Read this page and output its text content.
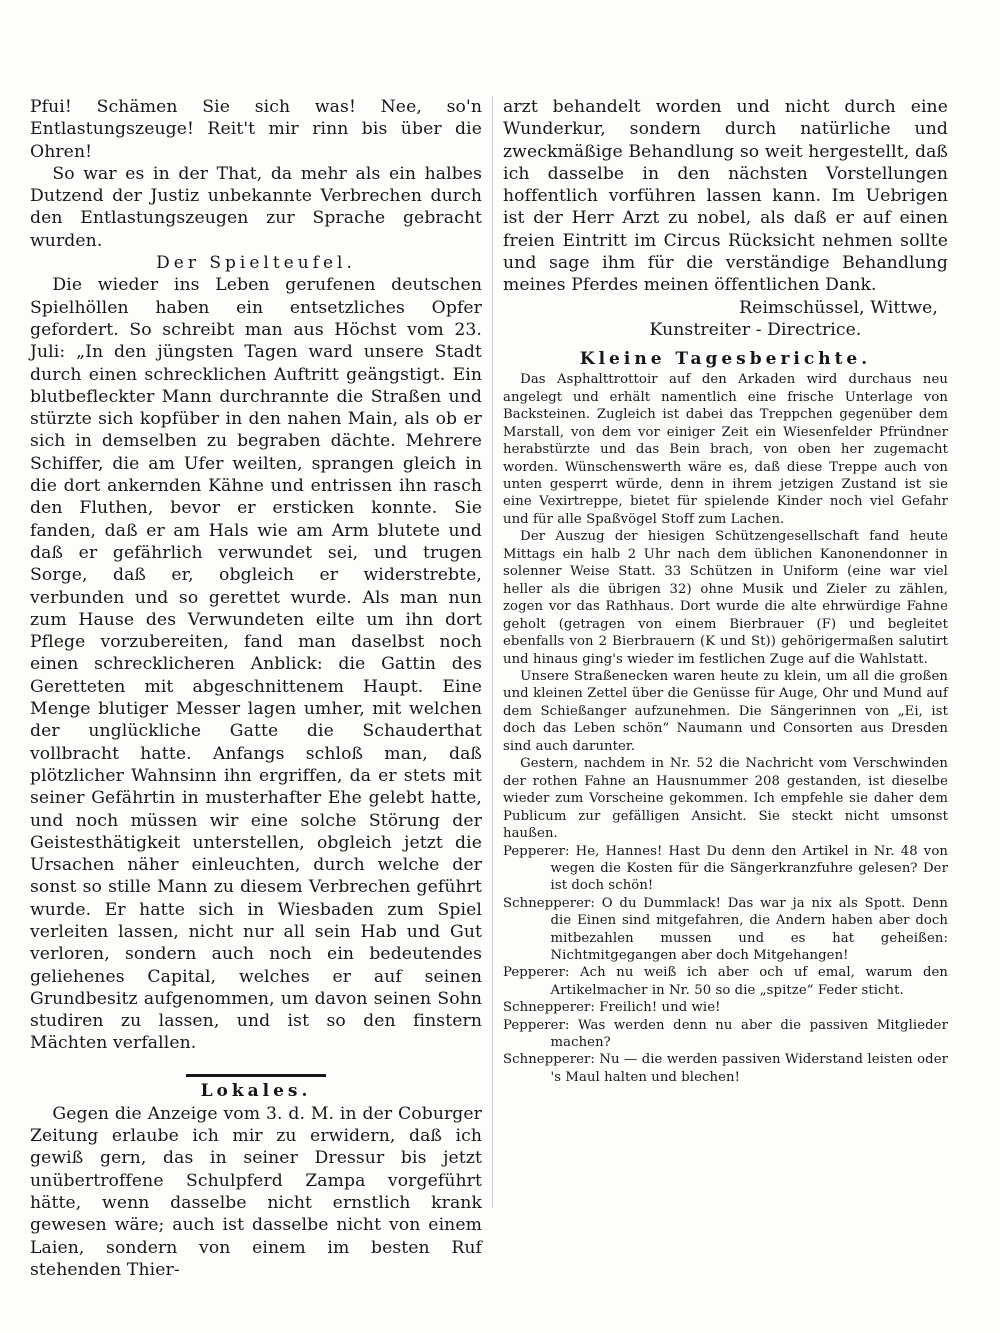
Pfui! Schämen Sie sich was! Nee, so'n Entlastungszeuge! Reit't mir rinn bis über die Ohren!

So war es in der That, da mehr als ein halbes Dutzend der Justiz unbekannte Verbrechen durch den Entlastungszeugen zur Sprache gebracht wurden.

Der Spielteufel.

Die wieder ins Leben gerufenen deutschen Spielhöllen haben ein entsetzliches Opfer gefordert. So schreibt man aus Höchst vom 23. Juli: „In den jüngsten Tagen ward unsere Stadt durch einen schrecklichen Auftritt geängstigt. Ein blutbefleckter Mann durchrannte die Straßen und stürzte sich kopfüber in den nahen Main, als ob er sich in demselben zu begraben dächte. Mehrere Schiffer, die am Ufer weilten, sprangen gleich in die dort ankernden Kähne und entrissen ihn rasch den Fluthen, bevor er ersticken konnte. Sie fanden, daß er am Hals wie am Arm blutete und daß er gefährlich verwundet sei, und trugen Sorge, daß er, obgleich er widerstrebte, verbunden und so gerettet wurde. Als man nun zum Hause des Verwundeten eilte um ihn dort Pflege vorzubereiten, fand man daselbst noch einen schrecklicheren Anblick: die Gattin des Geretteten mit abgeschnittenem Haupt. Eine Menge blutiger Messer lagen umher, mit welchen der unglückliche Gatte die Schauderthat vollbracht hatte. Anfangs schloß man, daß plötzlicher Wahnsinn ihn ergriffen, da er stets mit seiner Gefährtin in musterhafter Ehe gelebt hatte, und noch müssen wir eine solche Störung der Geistesthätigkeit unterstellen, obgleich jetzt die Ursachen näher einleuchten, durch welche der sonst so stille Mann zu diesem Verbrechen geführt wurde. Er hatte sich in Wiesbaden zum Spiel verleiten lassen, nicht nur all sein Hab und Gut verloren, sondern auch noch ein bedeutendes geliehenes Capital, welches er auf seinen Grundbesitz aufgenommen, um davon seinen Sohn studiren zu lassen, und ist so den finstern Mächten verfallen.

Lokales.

Gegen die Anzeige vom 3. d. M. in der Coburger Zeitung erlaube ich mir zu erwidern, daß ich gewiß gern, das in seiner Dressur bis jetzt unübertroffene Schulpferd Zampa vorgeführt hätte, wenn dasselbe nicht ernstlich krank gewesen wäre; auch ist dasselbe nicht von einem Laien, sondern von einem im besten Ruf stehenden Thier-

arzt behandelt worden und nicht durch eine Wunderkur, sondern durch natürliche und zweckmäßige Behandlung so weit hergestellt, daß ich dasselbe in den nächsten Vorstellungen hoffentlich vorführen lassen kann. Im Uebrigen ist der Herr Arzt zu nobel, als daß er auf einen freien Eintritt im Circus Rücksicht nehmen sollte und sage ihm für die verständige Behandlung meines Pferdes meinen öffentlichen Dank.

Reimschüssel, Wittwe,

Kunstreiter - Directrice.

Kleine Tagesberichte.

Das Asphalttrottoir auf den Arkaden wird durchaus neu angelegt und erhält namentlich eine frische Unterlage von Backsteinen. Zugleich ist dabei das Treppchen gegenüber dem Marstall, von dem vor einiger Zeit ein Wiesenfelder Pfründner herabstürzte und das Bein brach, von oben her zugemacht worden. Wünschenswerth wäre es, daß diese Treppe auch von unten gesperrt würde, denn in ihrem jetzigen Zustand ist sie eine Vexirtreppe, bietet für spielende Kinder noch viel Gefahr und für alle Spaßvögel Stoff zum Lachen.

Der Auszug der hiesigen Schützengesellschaft fand heute Mittags ein halb 2 Uhr nach dem üblichen Kanonendonner in solenner Weise Statt. 33 Schützen in Uniform (eine war viel heller als die übrigen 32) ohne Musik und Zieler zu zählen, zogen vor das Rathhaus. Dort wurde die alte ehrwürdige Fahne geholt (getragen von einem Bierbrauer (F) und begleitet ebenfalls von 2 Bierbrauern (K und St)) gehörigermaßen salutirt und hinaus ging's wieder im festlichen Zuge auf die Wahlstatt.

Unsere Straßenecken waren heute zu klein, um all die großen und kleinen Zettel über die Genüsse für Auge, Ohr und Mund auf dem Schießanger aufzunehmen. Die Sängerinnen von „Ei, ist doch das Leben schön“ Naumann und Consorten aus Dresden sind auch darunter.

Gestern, nachdem in Nr. 52 die Nachricht vom Verschwinden der rothen Fahne an Hausnummer 208 gestanden, ist dieselbe wieder zum Vorscheine gekommen. Ich empfehle sie daher dem Publicum zur gefälligen Ansicht. Sie steckt nicht umsonst haußen.

Pepperer: He, Hannes! Hast Du denn den Artikel in Nr. 48 von wegen die Kosten für die Sängerkranzfuhre gelesen? Der ist doch schön!

Schnepperer: O du Dummlack! Das war ja nix als Spott. Denn die Einen sind mitgefahren, die Andern haben aber doch mitbezahlen mussen und es hat geheißen: Nichtmitgegangen aber doch Mitgehangen!

Pepperer: Ach nu weiß ich aber och uf emal, warum den Artikelmacher in Nr. 50 so die „spitze“ Feder sticht.

Schnepperer: Freilich! und wie!

Pepperer: Was werden denn nu aber die passiven Mitglieder machen?

Schnepperer: Nu — die werden passiven Widerstand leisten oder 's Maul halten und blechen!
